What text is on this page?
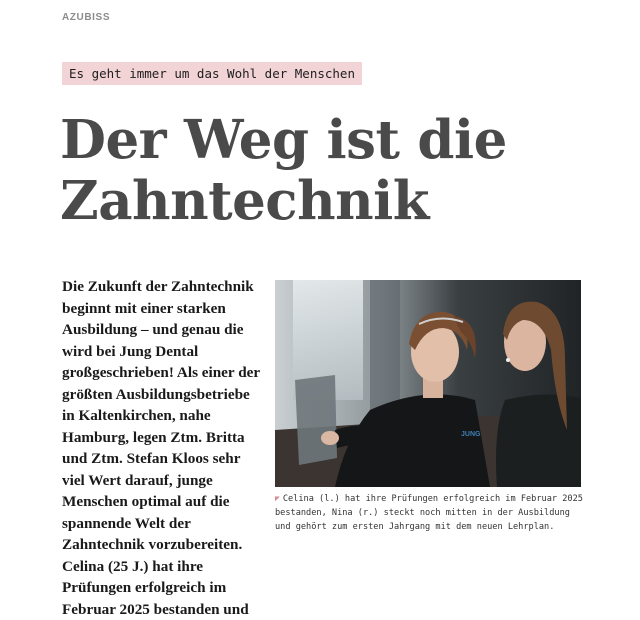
AZUBISS
Es geht immer um das Wohl der Menschen
Der Weg ist die Zahntechnik

Die Zukunft der Zahntechnik beginnt mit einer starken Ausbildung – und genau die wird bei Jung Dental großgeschrieben! Als einer der größten Ausbildungsbetriebe in Kaltenkirchen, nahe Hamburg, legen Ztm. Britta und Ztm. Stefan Kloos sehr viel Wert darauf, junge Menschen optimal auf die spannende Welt der Zahntechnik vorzubereiten. Celina (25 J.) hat ihre Prüfungen erfolgreich im Februar 2025 bestanden und

JUNG

◤ Celina (l.) hat ihre Prüfungen erfolgreich im Februar 2025 bestanden, Nina (r.) steckt noch mitten in der Ausbildung und gehört zum ersten Jahrgang mit dem neuen Lehrplan.
